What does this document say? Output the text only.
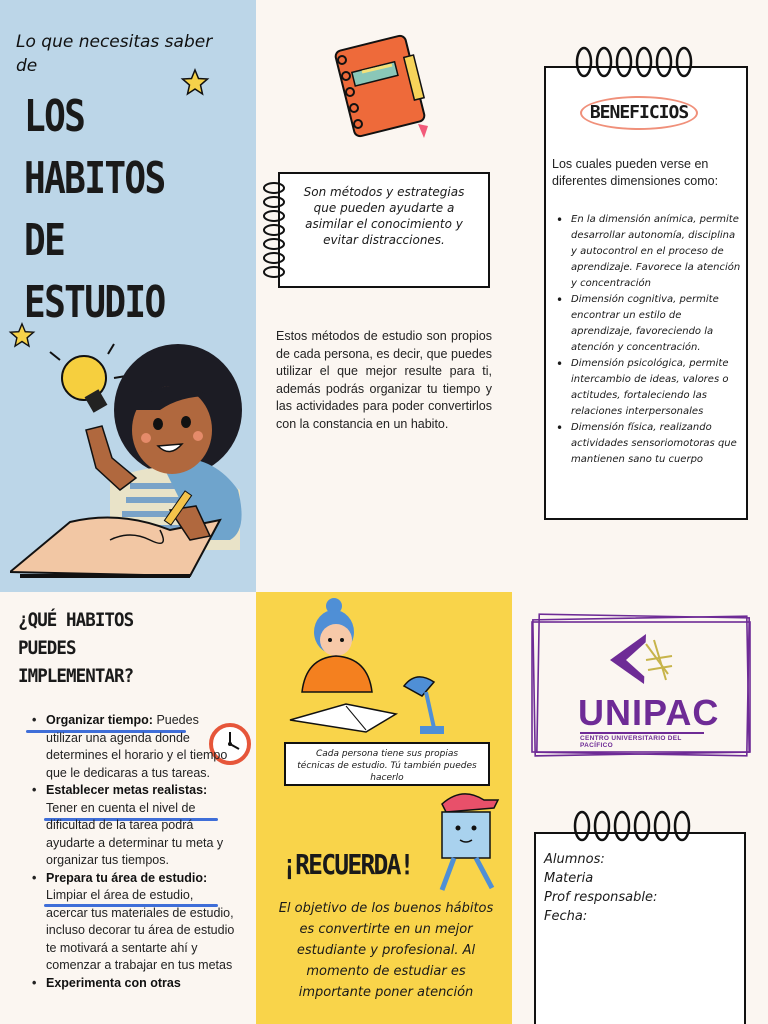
Lo que necesitas saber de
LOS
HABITOS
DE
ESTUDIO
Son métodos y estrategias que pueden ayudarte a asimilar el conocimiento y evitar distracciones.
Estos métodos de estudio son propios de cada persona, es decir, que puedes utilizar el que mejor resulte para ti, además podrás organizar tu tiempo y las actividades para poder convertirlos con la constancia en un habito.
BENEFICIOS
Los cuales pueden verse en diferentes dimensiones como:
• En la dimensión anímica, permite desarrollar autonomía, disciplina y autocontrol en el proceso de aprendizaje. Favorece la atención y concentración
• Dimensión cognitiva, permite encontrar un estilo de aprendizaje, favoreciendo la atención y concentración.
• Dimensión psicológica, permite intercambio de ideas, valores o actitudes, fortaleciendo las relaciones interpersonales
• Dimensión física, realizando actividades sensoriomotoras que mantienen sano tu cuerpo
¿QUÉ HABITOS
PUEDES
IMPLEMENTAR?
• Organizar tiempo: Puedes utilizar una agenda donde determines el horario y el tiempo que le dedicaras a tus tareas.
• Establecer metas realistas:
Tener en cuenta el nivel de dificultad de la tarea podrá ayudarte a determinar tu meta y organizar tus tiempos.
• Prepara tu área de estudio:
Limpiar el área de estudio, acercar tus materiales de estudio, incluso decorar tu área de estudio te motivará a sentarte ahí y comenzar a trabajar en tus metas
• Experimenta con otras
Cada persona tiene sus propias técnicas de estudio. Tú también puedes hacerlo
¡RECUERDA!
El objetivo de los buenos hábitos es convertirte en un mejor estudiante y profesional. Al momento de estudiar es importante poner atención
UNIPAC
CENTRO UNIVERSITARIO DEL PACÍFICO
Alumnos:
Materia
Prof responsable:
Fecha:
